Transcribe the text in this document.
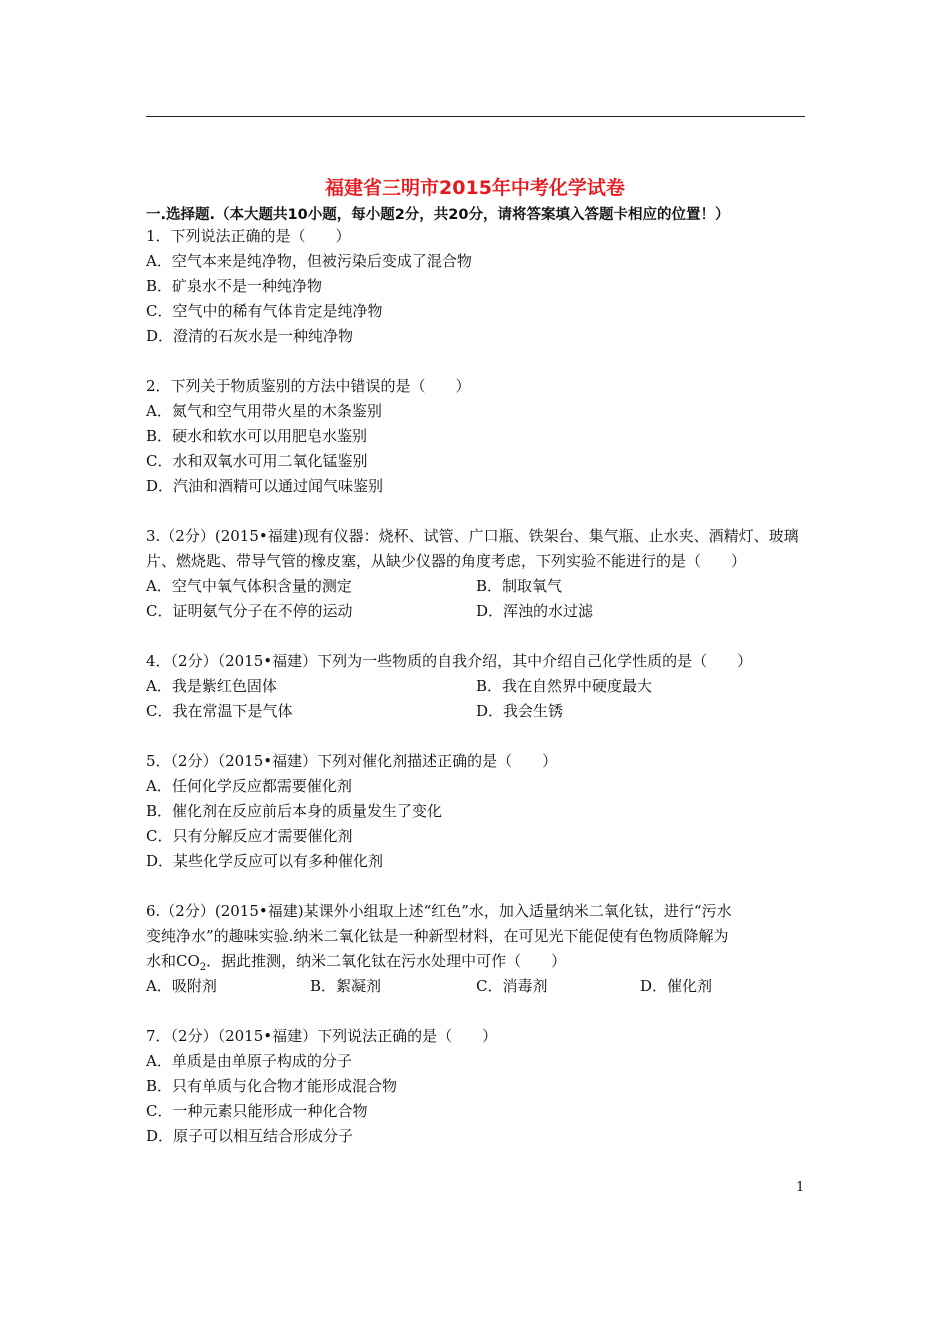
福建省三明市2015年中考化学试卷
一.选择题.（本大题共10小题，每小题2分，共20分，请将答案填入答题卡相应的位置！）
1．下列说法正确的是（　　）
A．空气本来是纯净物，但被污染后变成了混合物
B．矿泉水不是一种纯净物
C．空气中的稀有气体肯定是纯净物
D．澄清的石灰水是一种纯净物
2．下列关于物质鉴别的方法中错误的是（　　）
A．氮气和空气用带火星的木条鉴别
B．硬水和软水可以用肥皂水鉴别
C．水和双氧水可用二氧化锰鉴别
D．汽油和酒精可以通过闻气味鉴别
3.（2分）(2015•福建)现有仪器：烧杯、试管、广口瓶、铁架台、集气瓶、止水夹、酒精灯、玻璃
片、燃烧匙、带导气管的橡皮塞，从缺少仪器的角度考虑，下列实验不能进行的是（　　）
A．空气中氧气体积含量的测定	B．制取氧气
C．证明氨气分子在不停的运动	D．浑浊的水过滤
4．（2分）（2015•福建）下列为一些物质的自我介绍，其中介绍自己化学性质的是（　　）
A．我是紫红色固体	B．我在自然界中硬度最大
C．我在常温下是气体	D．我会生锈
5．（2分）（2015•福建）下列对催化剂描述正确的是（　　）
A．任何化学反应都需要催化剂
B．催化剂在反应前后本身的质量发生了变化
C．只有分解反应才需要催化剂
D．某些化学反应可以有多种催化剂
6.（2分）(2015•福建)某课外小组取上述“红色”水，加入适量纳米二氧化钛，进行“污水
变纯净水”的趣味实验.纳米二氧化钛是一种新型材料，在可见光下能促使有色物质降解为
水和$CO_2$．据此推测，纳米二氧化钛在污水处理中可作（　　）
A．吸附剂	B．絮凝剂	C．消毒剂	D．催化剂
7．（2分）（2015•福建）下列说法正确的是（　　）
A．单质是由单原子构成的分子
B．只有单质与化合物才能形成混合物
C．一种元素只能形成一种化合物
D．原子可以相互结合形成分子
1
